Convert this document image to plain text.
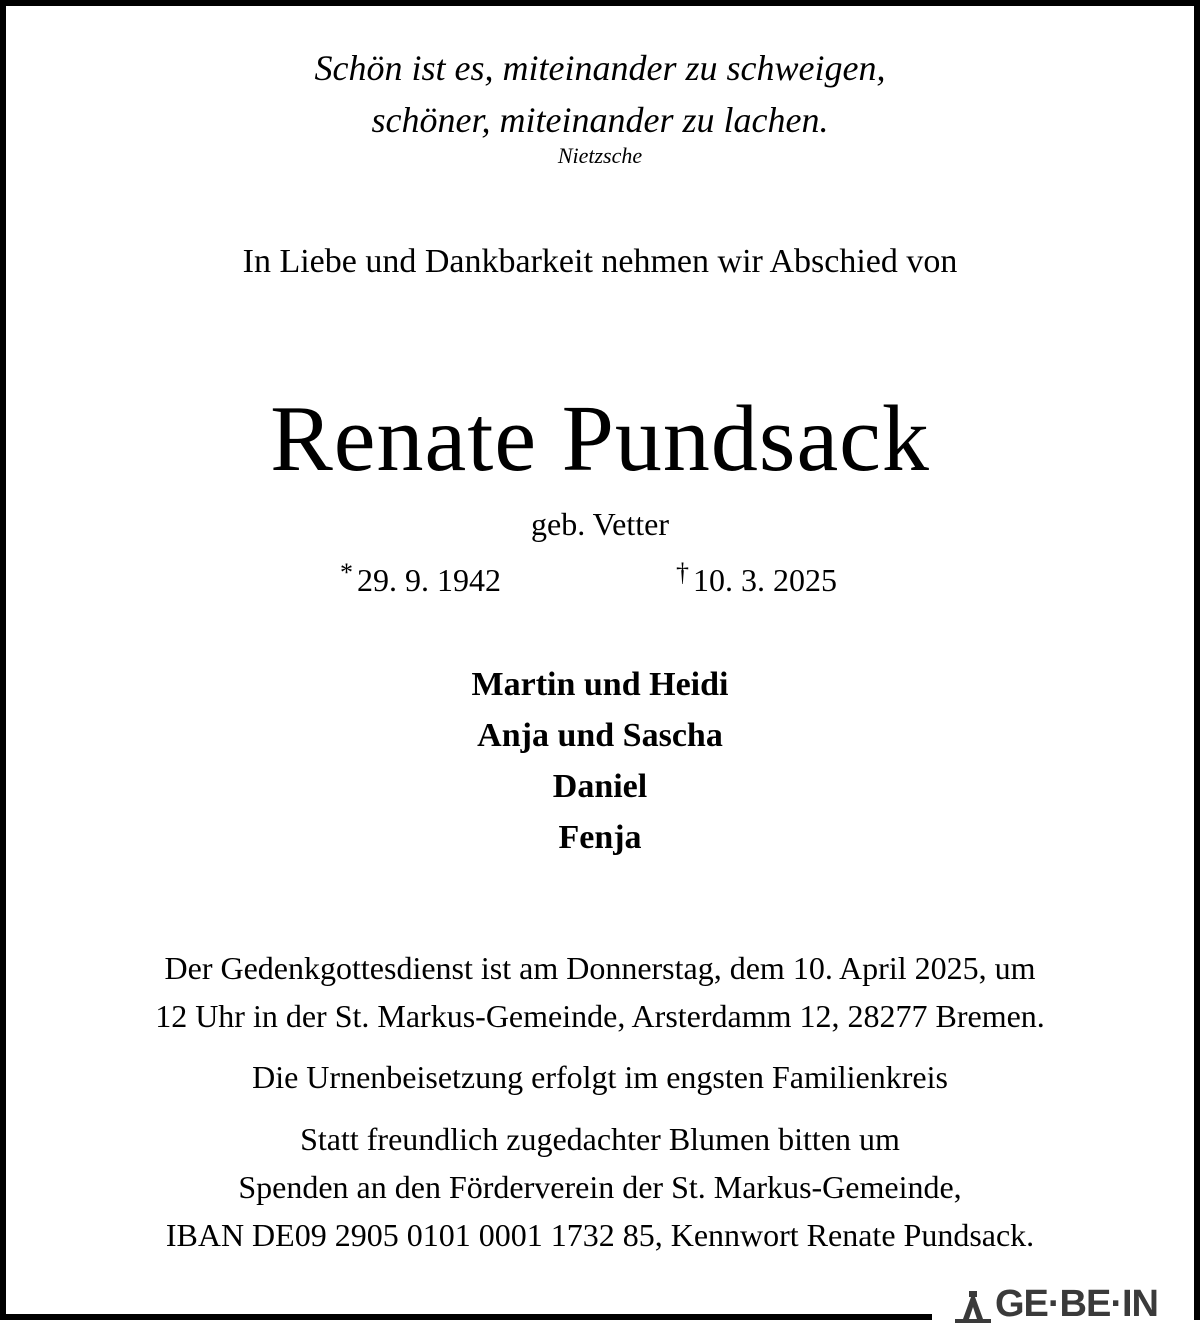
Schön ist es, miteinander zu schweigen,
schöner, miteinander zu lachen.
Nietzsche
In Liebe und Dankbarkeit nehmen wir Abschied von
Renate Pundsack
geb. Vetter
* 29. 9. 1942	† 10. 3. 2025
Martin und Heidi
Anja und Sascha
Daniel
Fenja
Der Gedenkgottesdienst ist am Donnerstag, dem 10. April 2025, um
12 Uhr in der St. Markus-Gemeinde, Arsterdamm 12, 28277 Bremen.
Die Urnenbeisetzung erfolgt im engsten Familienkreis
Statt freundlich zugedachter Blumen bitten um
Spenden an den Förderverein der St. Markus-Gemeinde,
IBAN DE09 2905 0101 0001 1732 85, Kennwort Renate Pundsack.
GE·BE·IN
